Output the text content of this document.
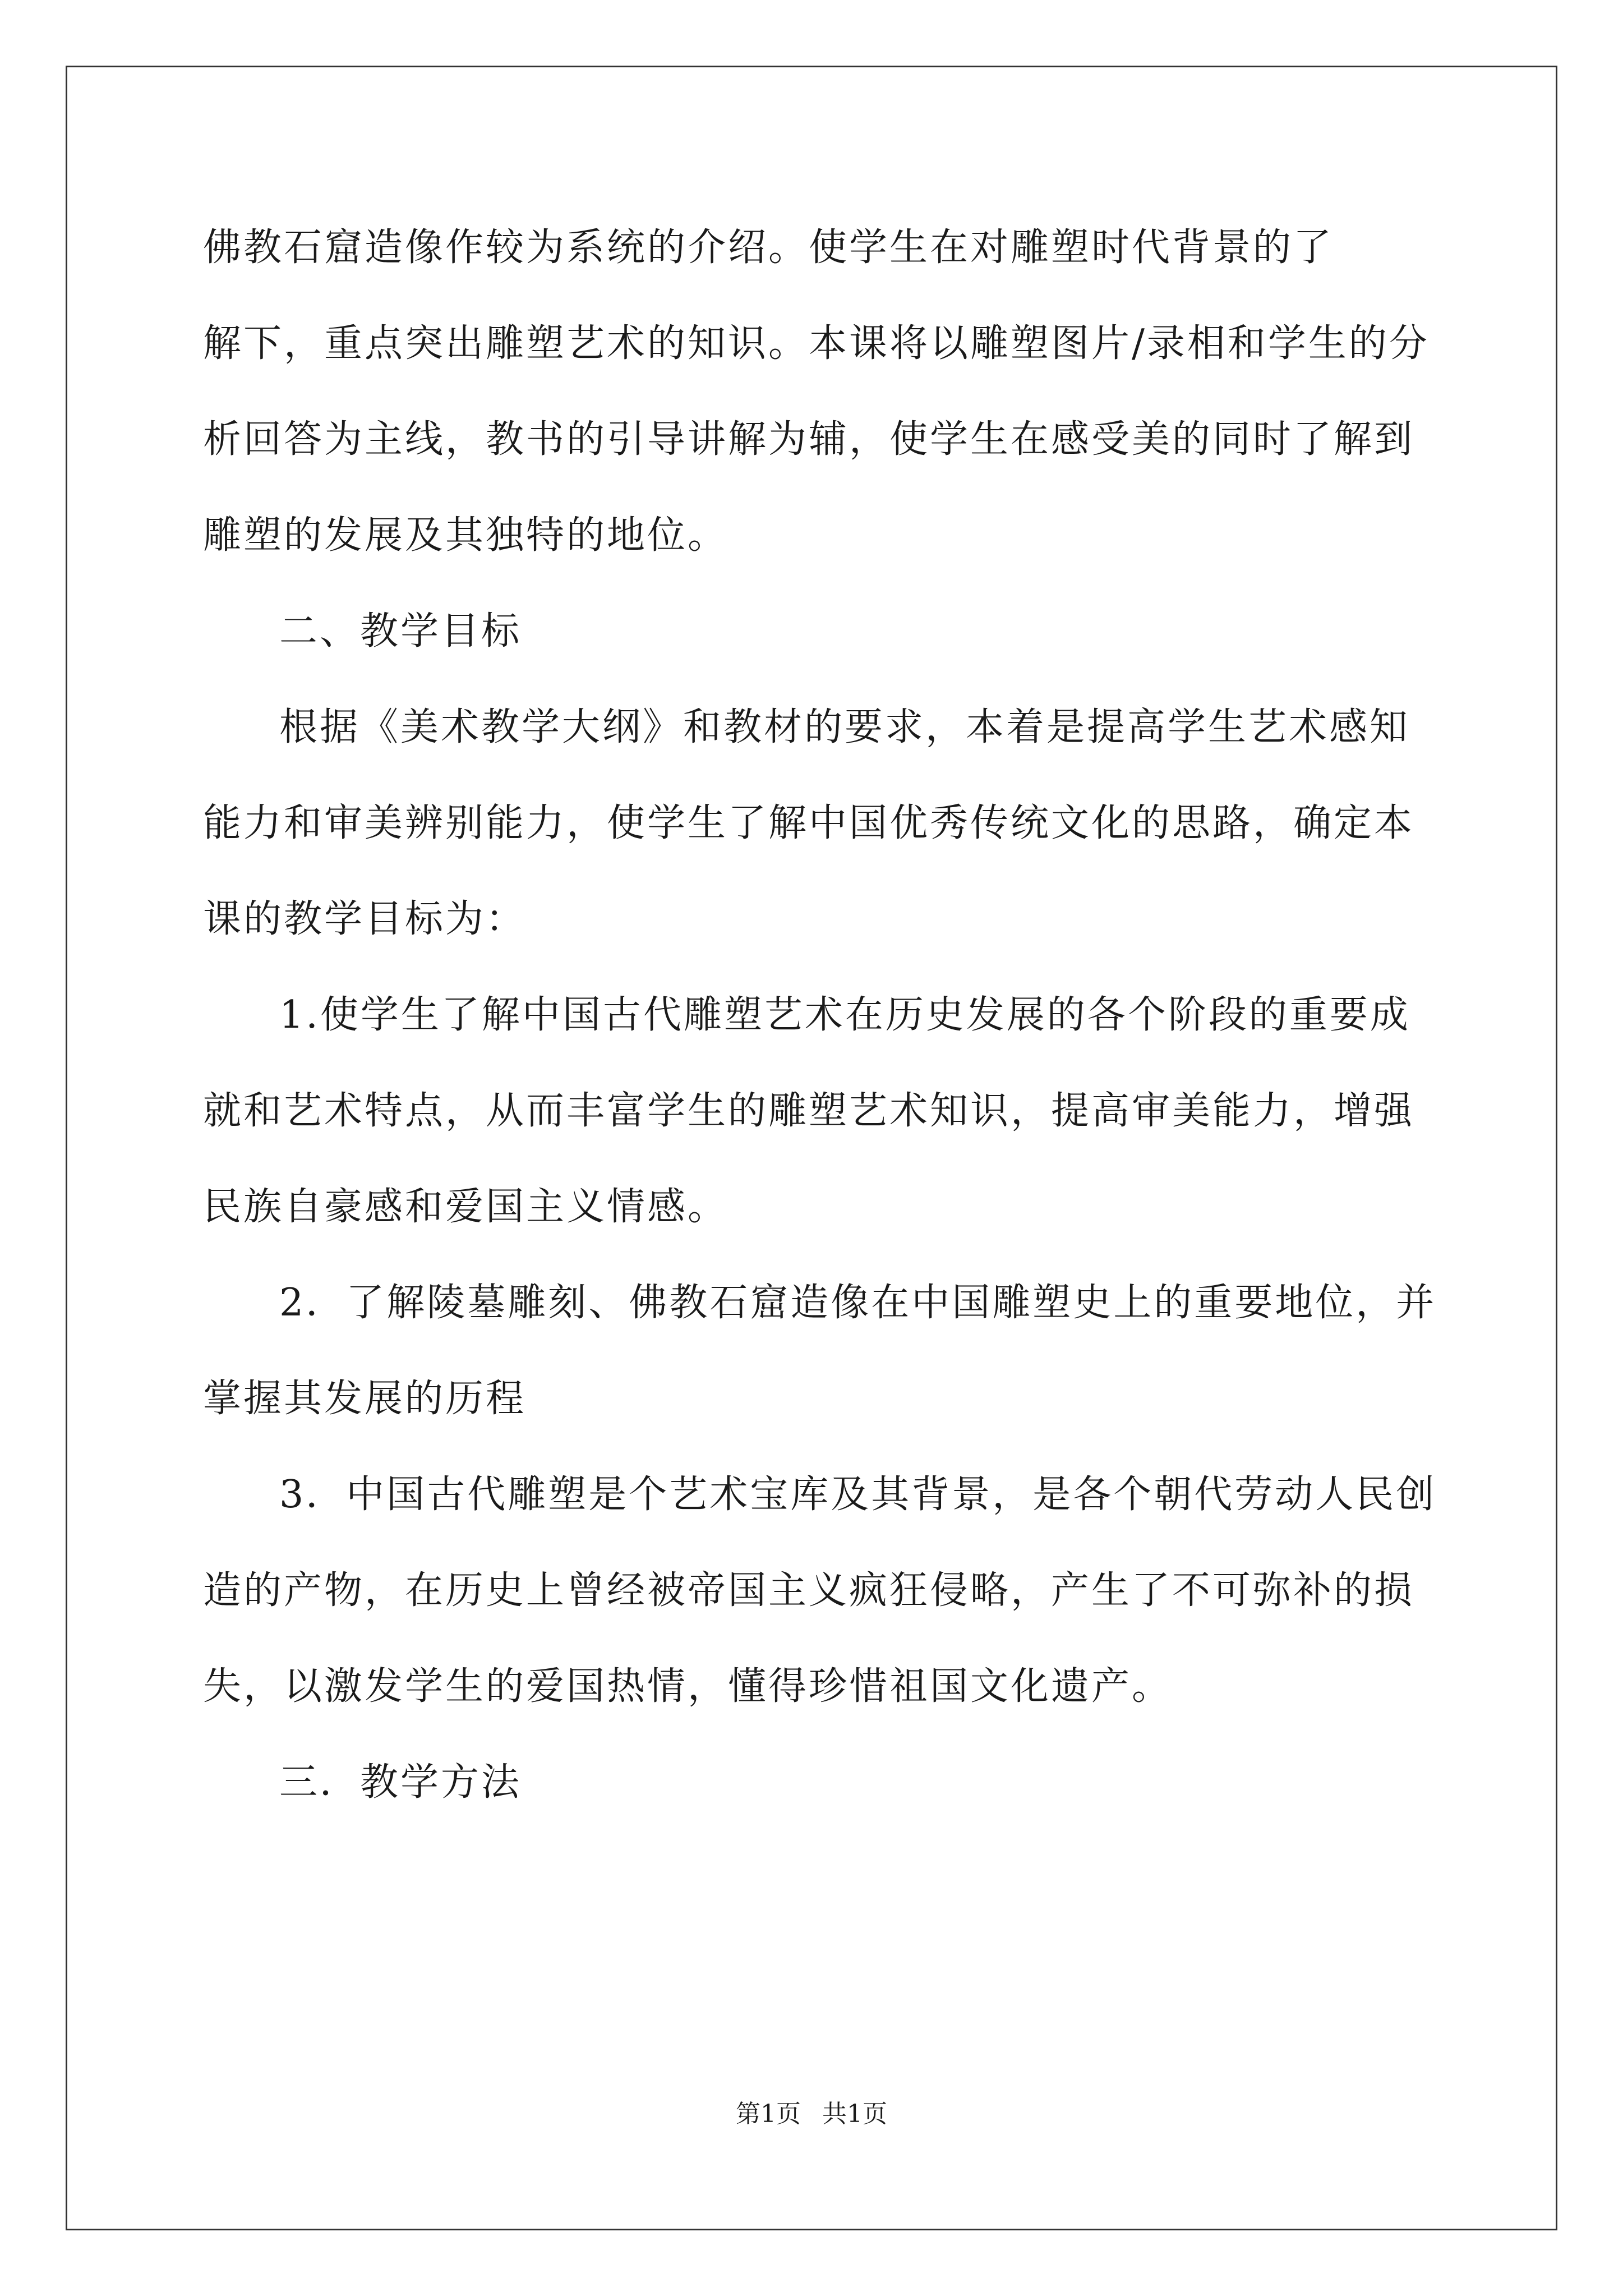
佛教石窟造像作较为系统的介绍。使学生在对雕塑时代背景的了
解下，重点突出雕塑艺术的知识。本课将以雕塑图片/录相和学生的分
析回答为主线，教书的引导讲解为辅，使学生在感受美的同时了解到
雕塑的发展及其独特的地位。
二、教学目标
根据《美术教学大纲》和教材的要求，本着是提高学生艺术感知
能力和审美辨别能力，使学生了解中国优秀传统文化的思路，确定本
课的教学目标为：
1.使学生了解中国古代雕塑艺术在历史发展的各个阶段的重要成
就和艺术特点，从而丰富学生的雕塑艺术知识，提高审美能力，增强
民族自豪感和爱国主义情感。
2．了解陵墓雕刻、佛教石窟造像在中国雕塑史上的重要地位，并
掌握其发展的历程
3．中国古代雕塑是个艺术宝库及其背景，是各个朝代劳动人民创
造的产物，在历史上曾经被帝国主义疯狂侵略，产生了不可弥补的损
失，以激发学生的爱国热情，懂得珍惜祖国文化遗产。
三．教学方法
第1页 共1页
